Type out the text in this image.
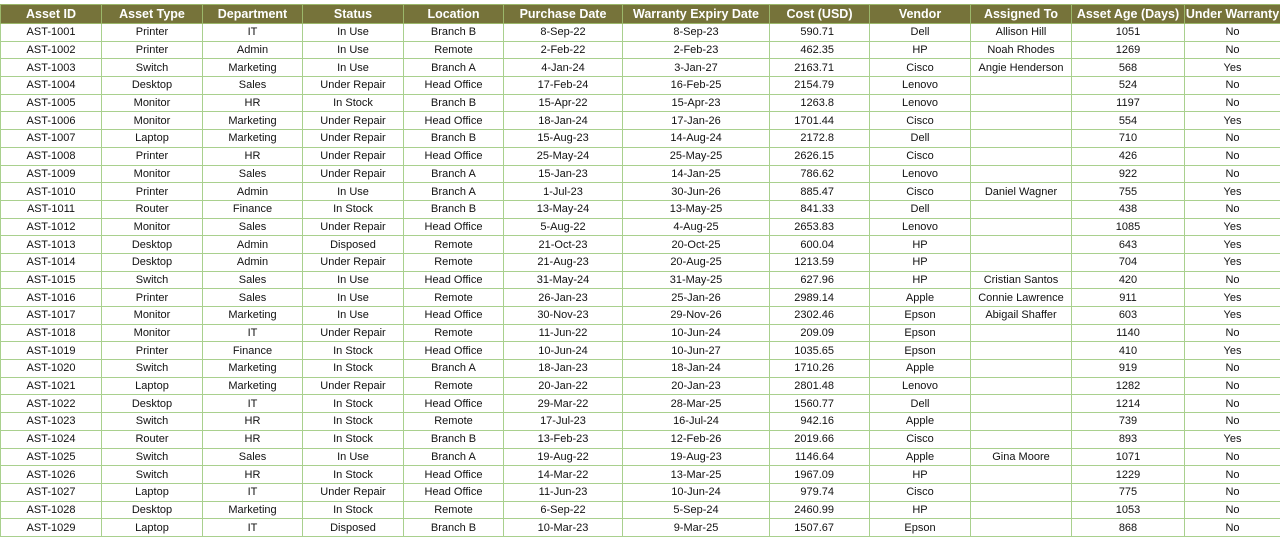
Asset ID	Asset Type	Department	Status	Location	Purchase Date	Warranty Expiry Date	Cost (USD)	Vendor	Assigned To	Asset Age (Days)	Under Warranty
AST-1001	Printer	IT	In Use	Branch B	8-Sep-22	8-Sep-23	590.71	Dell	Allison Hill	1051	No
AST-1002	Printer	Admin	In Use	Remote	2-Feb-22	2-Feb-23	462.35	HP	Noah Rhodes	1269	No
AST-1003	Switch	Marketing	In Use	Branch A	4-Jan-24	3-Jan-27	2163.71	Cisco	Angie Henderson	568	Yes
AST-1004	Desktop	Sales	Under Repair	Head Office	17-Feb-24	16-Feb-25	2154.79	Lenovo		524	No
AST-1005	Monitor	HR	In Stock	Branch B	15-Apr-22	15-Apr-23	1263.8	Lenovo		1197	No
AST-1006	Monitor	Marketing	Under Repair	Head Office	18-Jan-24	17-Jan-26	1701.44	Cisco		554	Yes
AST-1007	Laptop	Marketing	Under Repair	Branch B	15-Aug-23	14-Aug-24	2172.8	Dell		710	No
AST-1008	Printer	HR	Under Repair	Head Office	25-May-24	25-May-25	2626.15	Cisco		426	No
AST-1009	Monitor	Sales	Under Repair	Branch A	15-Jan-23	14-Jan-25	786.62	Lenovo		922	No
AST-1010	Printer	Admin	In Use	Branch A	1-Jul-23	30-Jun-26	885.47	Cisco	Daniel Wagner	755	Yes
AST-1011	Router	Finance	In Stock	Branch B	13-May-24	13-May-25	841.33	Dell		438	No
AST-1012	Monitor	Sales	Under Repair	Head Office	5-Aug-22	4-Aug-25	2653.83	Lenovo		1085	Yes
AST-1013	Desktop	Admin	Disposed	Remote	21-Oct-23	20-Oct-25	600.04	HP		643	Yes
AST-1014	Desktop	Admin	Under Repair	Remote	21-Aug-23	20-Aug-25	1213.59	HP		704	Yes
AST-1015	Switch	Sales	In Use	Head Office	31-May-24	31-May-25	627.96	HP	Cristian Santos	420	No
AST-1016	Printer	Sales	In Use	Remote	26-Jan-23	25-Jan-26	2989.14	Apple	Connie Lawrence	911	Yes
AST-1017	Monitor	Marketing	In Use	Head Office	30-Nov-23	29-Nov-26	2302.46	Epson	Abigail Shaffer	603	Yes
AST-1018	Monitor	IT	Under Repair	Remote	11-Jun-22	10-Jun-24	209.09	Epson		1140	No
AST-1019	Printer	Finance	In Stock	Head Office	10-Jun-24	10-Jun-27	1035.65	Epson		410	Yes
AST-1020	Switch	Marketing	In Stock	Branch A	18-Jan-23	18-Jan-24	1710.26	Apple		919	No
AST-1021	Laptop	Marketing	Under Repair	Remote	20-Jan-22	20-Jan-23	2801.48	Lenovo		1282	No
AST-1022	Desktop	IT	In Stock	Head Office	29-Mar-22	28-Mar-25	1560.77	Dell		1214	No
AST-1023	Switch	HR	In Stock	Remote	17-Jul-23	16-Jul-24	942.16	Apple		739	No
AST-1024	Router	HR	In Stock	Branch B	13-Feb-23	12-Feb-26	2019.66	Cisco		893	Yes
AST-1025	Switch	Sales	In Use	Branch A	19-Aug-22	19-Aug-23	1146.64	Apple	Gina Moore	1071	No
AST-1026	Switch	HR	In Stock	Head Office	14-Mar-22	13-Mar-25	1967.09	HP		1229	No
AST-1027	Laptop	IT	Under Repair	Head Office	11-Jun-23	10-Jun-24	979.74	Cisco		775	No
AST-1028	Desktop	Marketing	In Stock	Remote	6-Sep-22	5-Sep-24	2460.99	HP		1053	No
AST-1029	Laptop	IT	Disposed	Branch B	10-Mar-23	9-Mar-25	1507.67	Epson		868	No
